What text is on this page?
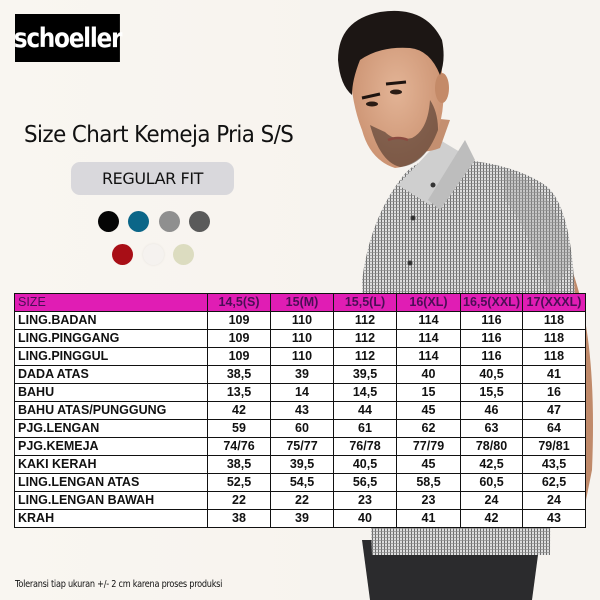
schoeller
Size Chart Kemeja Pria S/S
REGULAR FIT
SIZE	14,5(S)	15(M)	15,5(L)	16(XL)	16,5(XXL)	17(XXXL)
LING.BADAN	109	110	112	114	116	118
LING.PINGGANG	109	110	112	114	116	118
LING.PINGGUL	109	110	112	114	116	118
DADA ATAS	38,5	39	39,5	40	40,5	41
BAHU	13,5	14	14,5	15	15,5	16
BAHU ATAS/PUNGGUNG	42	43	44	45	46	47
PJG.LENGAN	59	60	61	62	63	64
PJG.KEMEJA	74/76	75/77	76/78	77/79	78/80	79/81
KAKI KERAH	38,5	39,5	40,5	45	42,5	43,5
LING.LENGAN ATAS	52,5	54,5	56,5	58,5	60,5	62,5
LING.LENGAN BAWAH	22	22	23	23	24	24
KRAH	38	39	40	41	42	43
Toleransi tiap ukuran +/- 2 cm karena proses produksi
